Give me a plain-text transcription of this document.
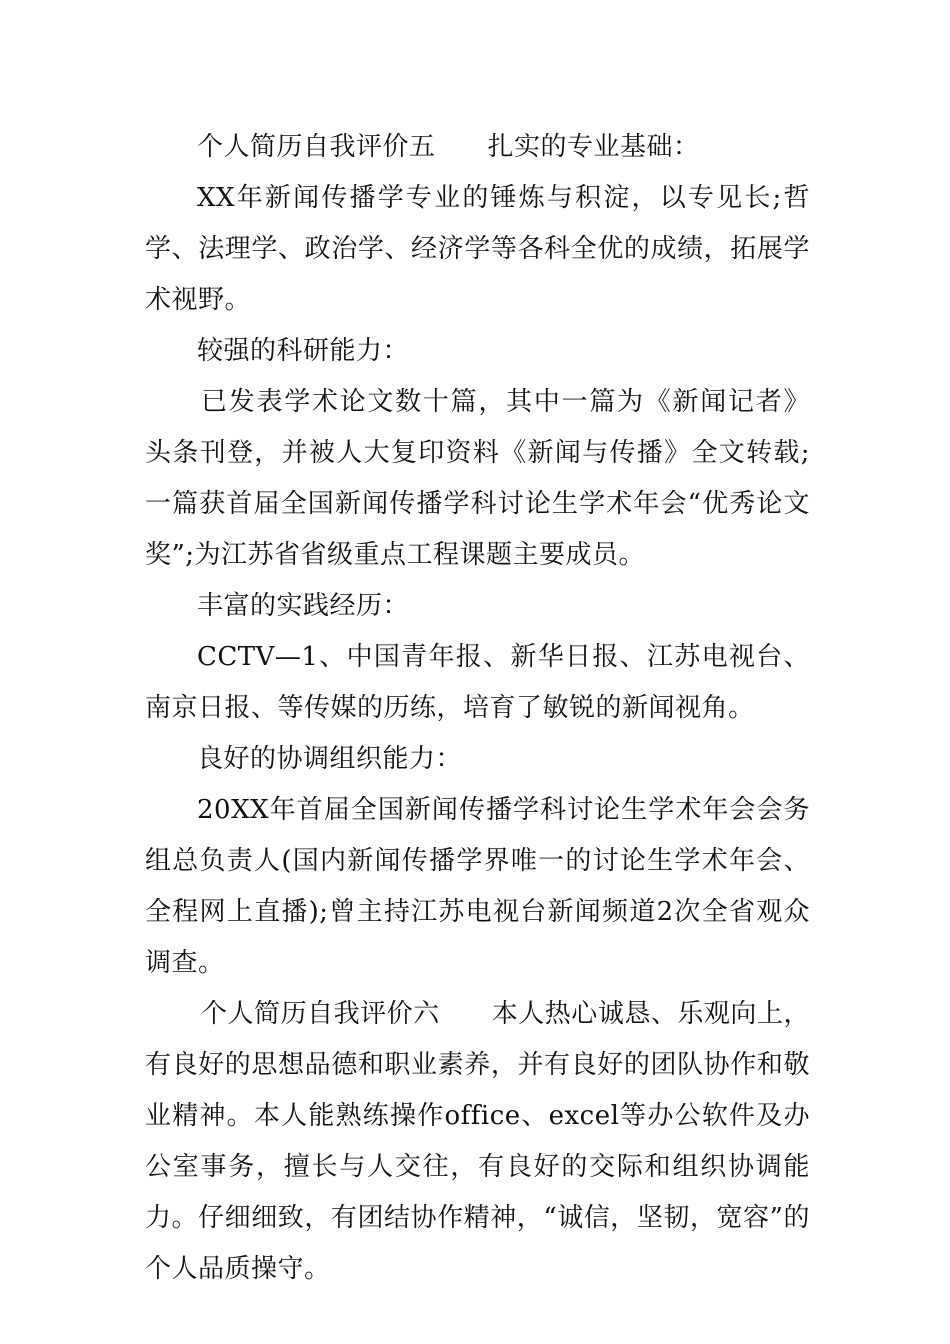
个人简历自我评价五 扎实的专业基础：

XX年新闻传播学专业的锤炼与积淀，以专见长;哲学、法理学、政治学、经济学等各科全优的成绩，拓展学术视野。

较强的科研能力：

已发表学术论文数十篇，其中一篇为《新闻记者》头条刊登，并被人大复印资料《新闻与传播》全文转载;一篇获首届全国新闻传播学科讨论生学术年会“优秀论文奖”;为江苏省省级重点工程课题主要成员。

丰富的实践经历：

CCTV—1、中国青年报、新华日报、江苏电视台、南京日报、等传媒的历练，培育了敏锐的新闻视角。

良好的协调组织能力：

20XX年首届全国新闻传播学科讨论生学术年会会务组总负责人(国内新闻传播学界唯一的讨论生学术年会、全程网上直播);曾主持江苏电视台新闻频道2次全省观众调查。

个人简历自我评价六 本人热心诚恳、乐观向上，有良好的思想品德和职业素养，并有良好的团队协作和敬业精神。本人能熟练操作office、excel等办公软件及办公室事务，擅长与人交往，有良好的交际和组织协调能力。仔细细致，有团结协作精神，“诚信，坚韧，宽容”的个人品质操守。
